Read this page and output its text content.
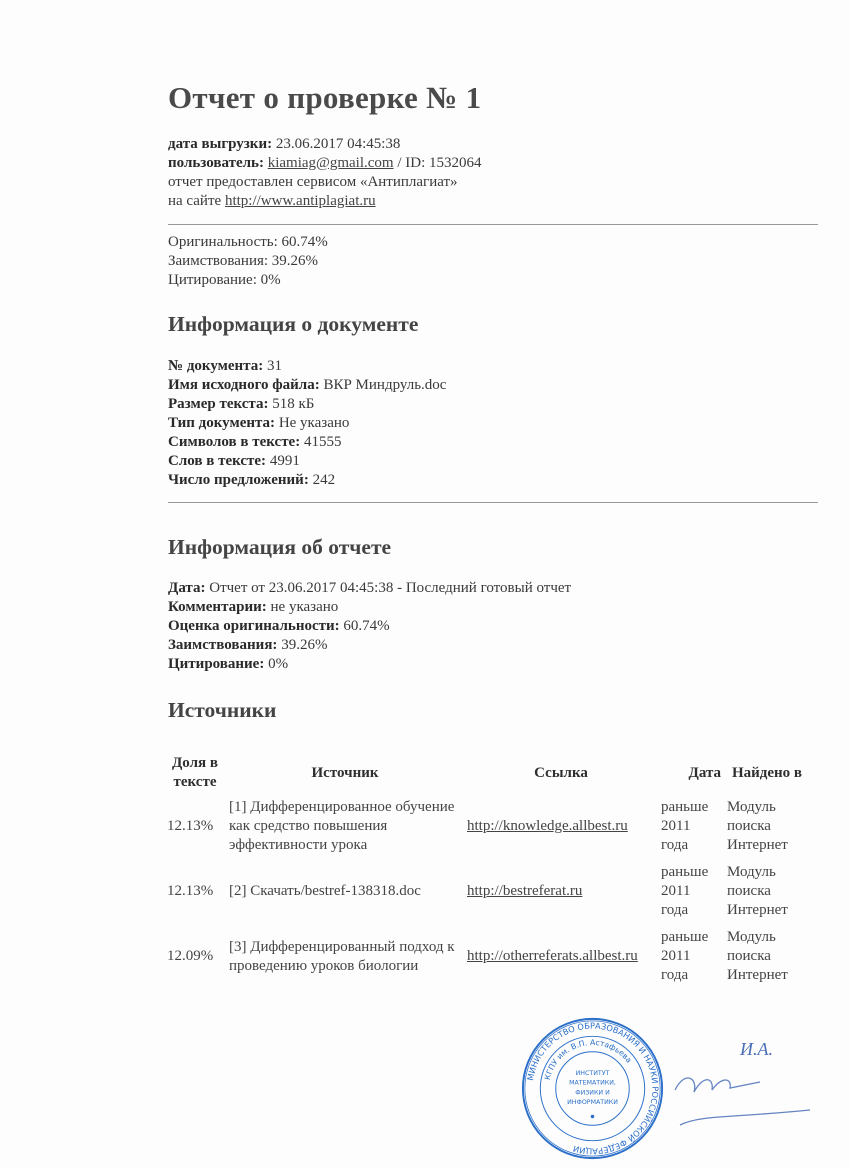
Отчет о проверке № 1
дата выгрузки: 23.06.2017 04:45:38
пользователь: kiamiag@gmail.com / ID: 1532064
отчет предоставлен сервисом «Антиплагиат»
на сайте http://www.antiplagiat.ru
Оригинальность: 60.74%
Заимствования: 39.26%
Цитирование: 0%
Информация о документе
№ документа: 31
Имя исходного файла: ВКР Миндруль.doc
Размер текста: 518 кБ
Тип документа: Не указано
Символов в тексте: 41555
Слов в тексте: 4991
Число предложений: 242
Информация об отчете
Дата: Отчет от 23.06.2017 04:45:38 - Последний готовый отчет
Комментарии: не указано
Оценка оригинальности: 60.74%
Заимствования: 39.26%
Цитирование: 0%
Источники
Доля в тексте	Источник	Ссылка	Дата	Найдено в
12.13%	[1] Дифференцированное обучение как средство повышения эффективности урока	http://knowledge.allbest.ru	раньше 2011 года	Модуль поиска Интернет
12.13%	[2] Скачать/bestref-138318.doc	http://bestreferat.ru	раньше 2011 года	Модуль поиска Интернет
12.09%	[3] Дифференцированный подход к проведению уроков биологии	http://otherreferats.allbest.ru	раньше 2011 года	Модуль поиска Интернет
МИНИСТЕРСТВО ОБРАЗОВАНИЯ И НАУКИ РОССИЙСКОЙ ФЕДЕРАЦИИ
КГПУ им. В.П. Астафьева
ИНСТИТУТ МАТЕМАТИКИ, ФИЗИКИ И ИНФОРМАТИКИ
И.А.
